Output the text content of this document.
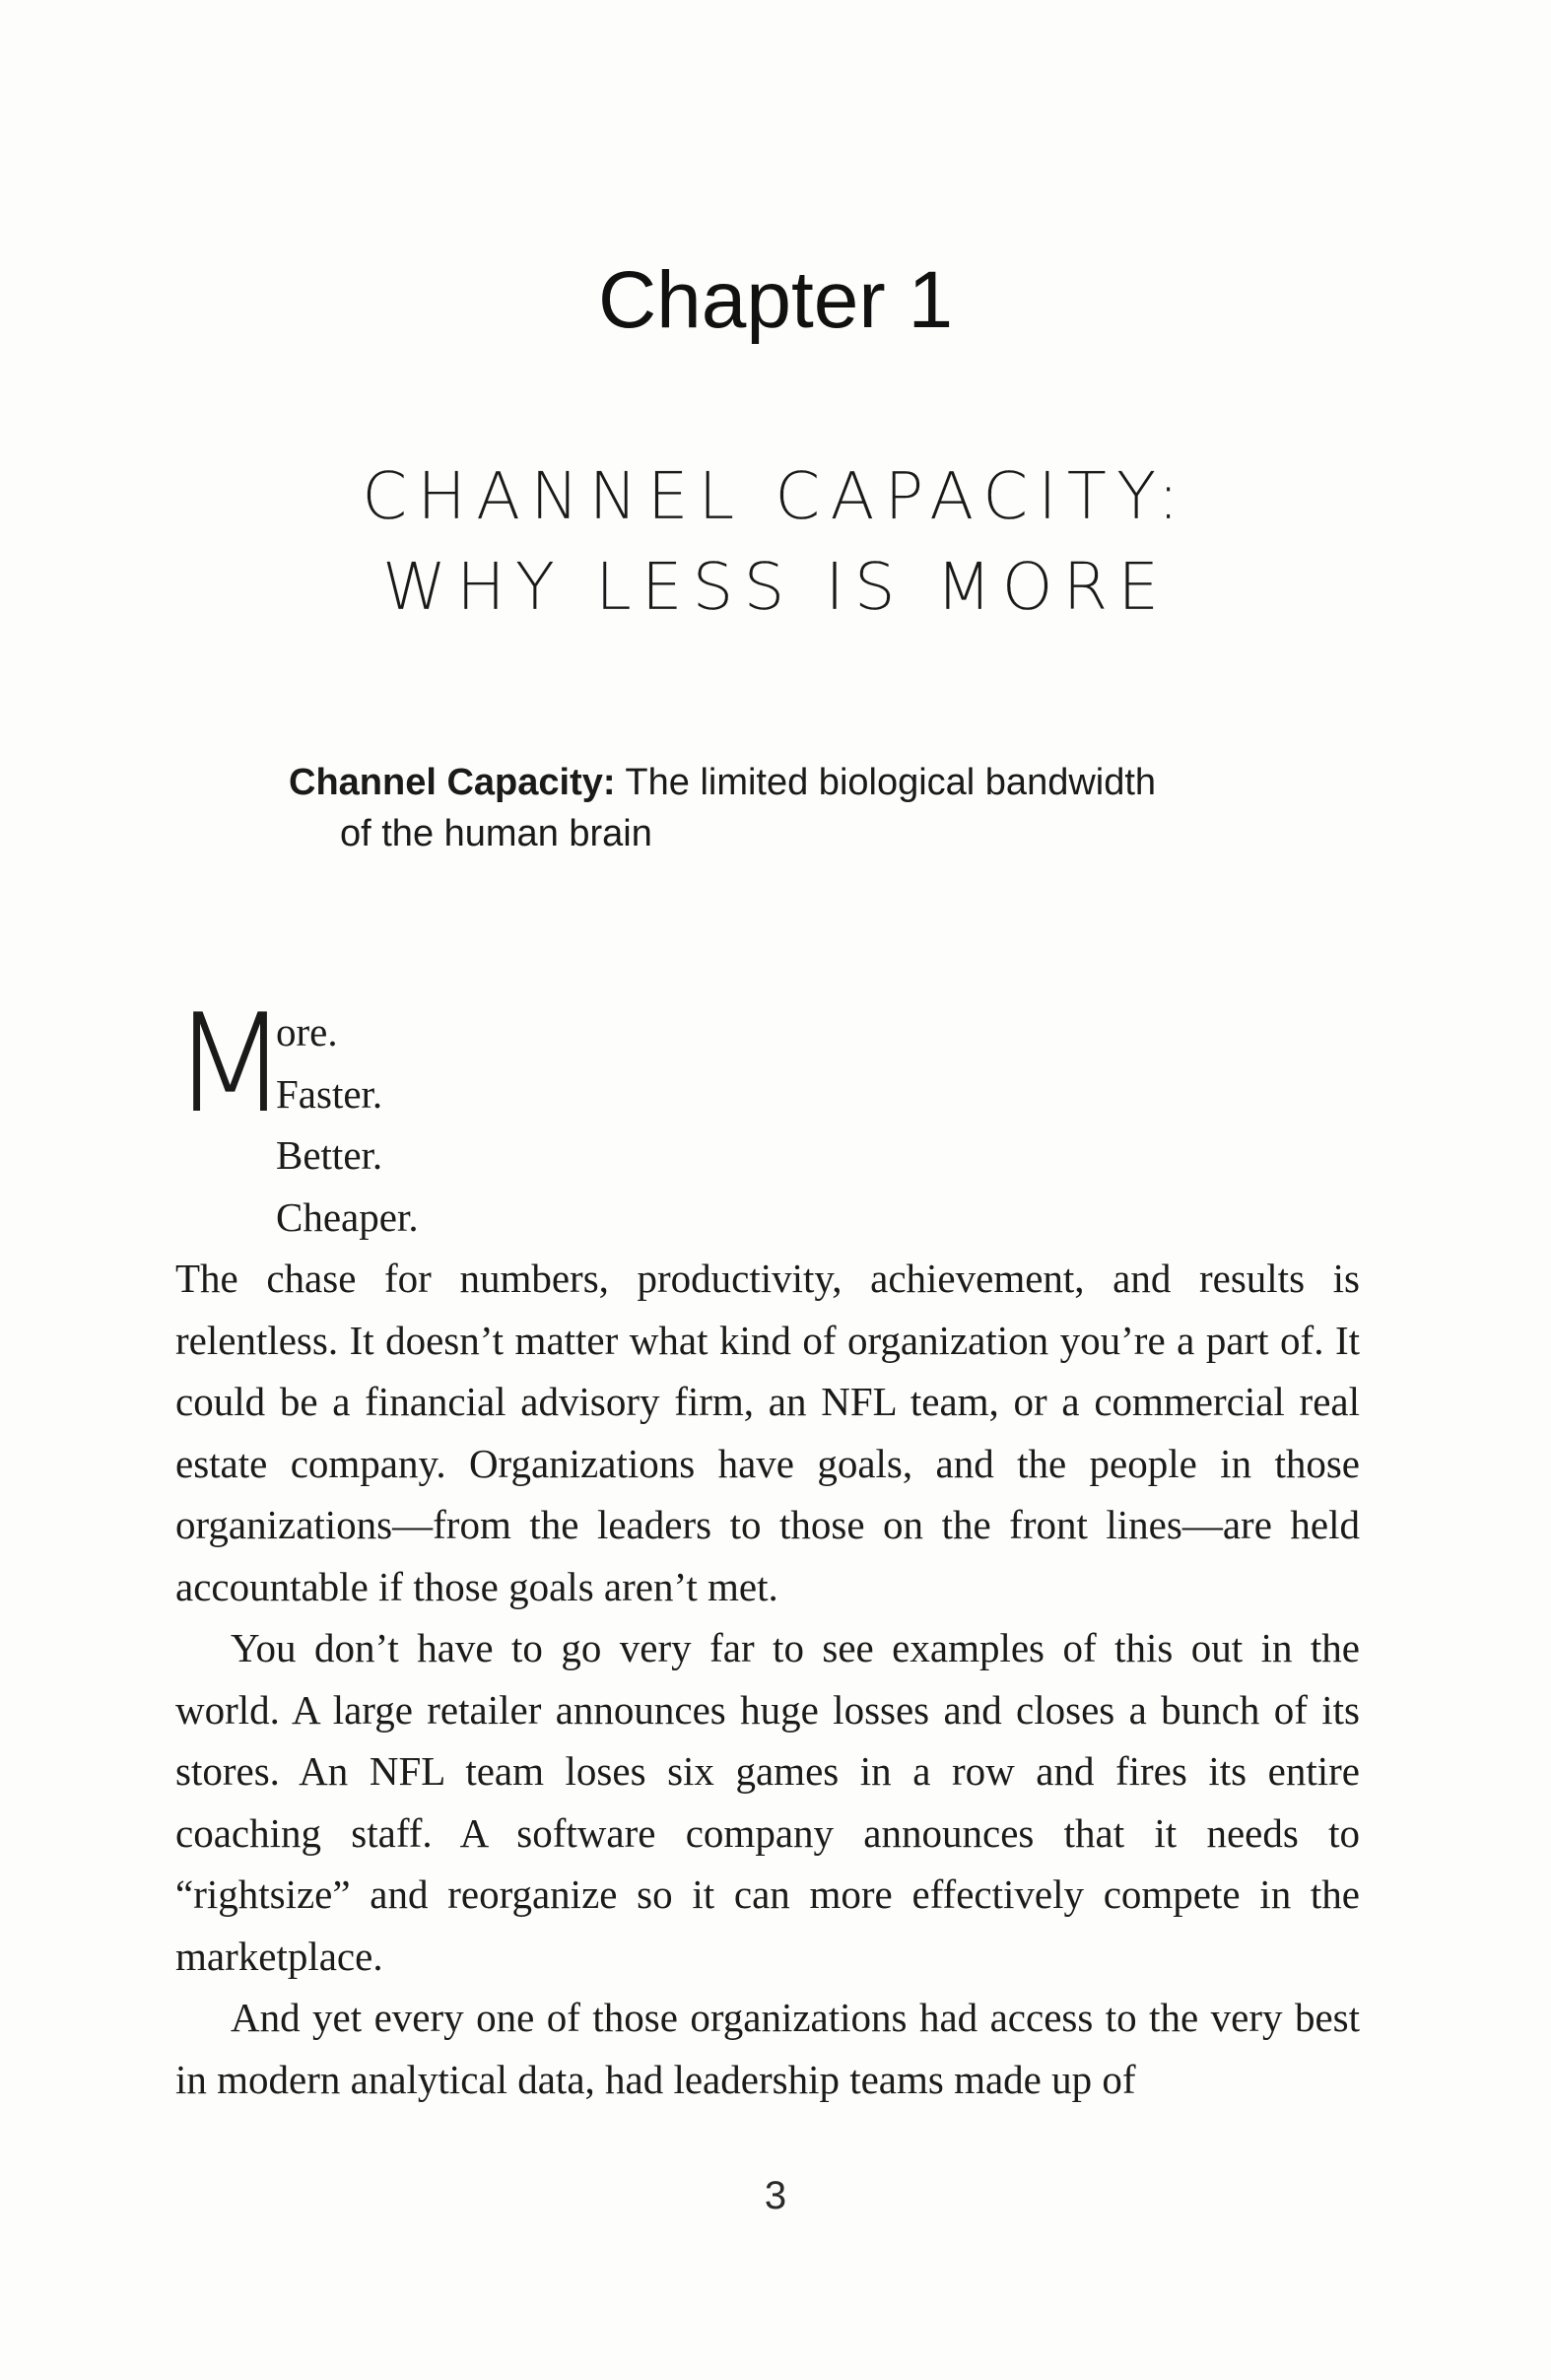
Chapter 1
CHANNEL CAPACITY:
WHY LESS IS MORE
Channel Capacity: The limited biological bandwidth
of the human brain
M
ore.
Faster.
Better.
Cheaper.

The chase for numbers, productivity, achievement, and results is relentless. It doesn’t matter what kind of organization you’re a part of. It could be a financial advisory firm, an NFL team, or a commercial real estate company. Organizations have goals, and the people in those organizations—from the leaders to those on the front lines—are held accountable if those goals aren’t met.

You don’t have to go very far to see examples of this out in the world. A large retailer announces huge losses and closes a bunch of its stores. An NFL team loses six games in a row and fires its entire coaching staff. A software company announces that it needs to “rightsize” and reorganize so it can more effectively compete in the marketplace.

And yet every one of those organizations had access to the very best in modern analytical data, had leadership teams made up of

3
